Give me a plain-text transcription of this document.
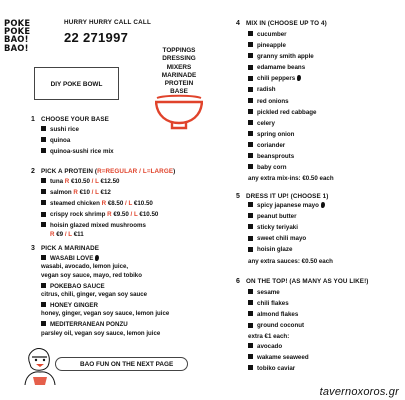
POKE
POKE
BAO!
BAO!
HURRY HURRY CALL CALL
22 271997
TOPPINGS
DRESSING
MIXERS
MARINADE
PROTEIN
BASE
DIY POKE BOWL
1 CHOOSE YOUR BASE
sushi rice
quinoa
quinoa-sushi rice mix
2 PICK A PROTEIN (R=REGULAR / L=LARGE)
tuna R €10.50 / L €12.50
salmon R €10 / L €12
steamed chicken R €8.50 / L €10.50
crispy rock shrimp R €9.50 / L €10.50
hoisin glazed mixed mushrooms
R €9 / L €11
3 PICK A MARINADE
WASABI LOVE
wasabi, avocado, lemon juice,
vegan soy sauce, mayo, red tobiko
POKEBAO SAUCE
citrus, chili, ginger, vegan soy sauce
HONEY GINGER
honey, ginger, vegan soy sauce, lemon juice
MEDITERRANEAN PONZU
parsley oil, vegan soy sauce, lemon juice
BAO FUN ON THE NEXT PAGE
4 MIX IN (CHOOSE UP TO 4)
cucumber
pineapple
granny smith apple
edamame beans
chili peppers
radish
red onions
pickled red cabbage
celery
spring onion
coriander
beansprouts
baby corn
any extra mix-ins: €0.50 each
5 DRESS IT UP! (CHOOSE 1)
spicy japanese mayo
peanut butter
sticky teriyaki
sweet chili mayo
hoisin glaze
any extra sauces: €0.50 each
6 ON THE TOP! (AS MANY AS YOU LIKE!)
sesame
chili flakes
almond flakes
ground coconut
extra €1 each:
avocado
wakame seaweed
tobiko caviar
tavernoxoros.gr
